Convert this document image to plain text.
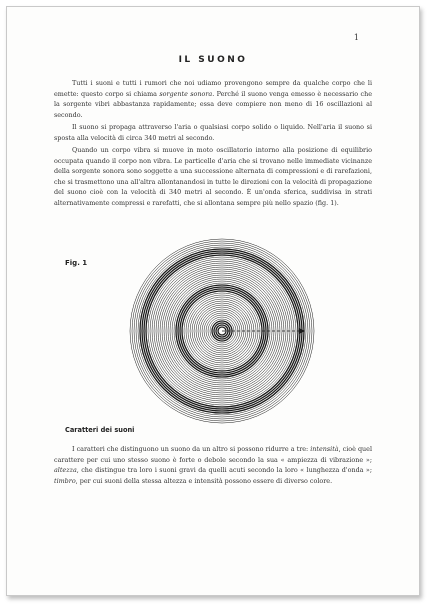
1
IL SUONO

Tutti i suoni e tutti i rumori che noi udiamo provengono sempre da qualche corpo che li emette: questo corpo si chiama sorgente sonora. Perché il suono venga emesso è necessario che la sorgente vibri abbastanza rapidamente; essa deve compiere non meno di 16 oscillazioni al secondo.

Il suono si propaga attraverso l'aria o qualsiasi corpo solido o liquido. Nell'aria il suono si sposta alla velocità di circa 340 metri al secondo.

Quando un corpo vibra si muove in moto oscillatorio intorno alla posizione di equilibrio occupata quando il corpo non vibra. Le particelle d'aria che si trovano nelle immediate vicinanze della sorgente sonora sono soggette a una successione alternata di compressioni e di rarefazioni, che si trasmettono una all'altra allontanandosi in tutte le direzioni con la velocità di propagazione del suono cioè con la velocità di 340 metri al secondo. È un'onda sferica, suddivisa in strati alternativamente compressi e rarefatti, che si allontana sempre più nello spazio (fig. 1).

Fig. 1
Caratteri dei suoni

I caratteri che distinguono un suono da un altro si possono ridurre a tre: intensità, cioè quel carattere per cui uno stesso suono è forte o debole secondo la sua « ampiezza di vibrazione »; altezza, che distingue tra loro i suoni gravi da quelli acuti secondo la loro « lunghezza d'onda »; timbro, per cui suoni della stessa altezza e intensità possono essere di diverso colore.
